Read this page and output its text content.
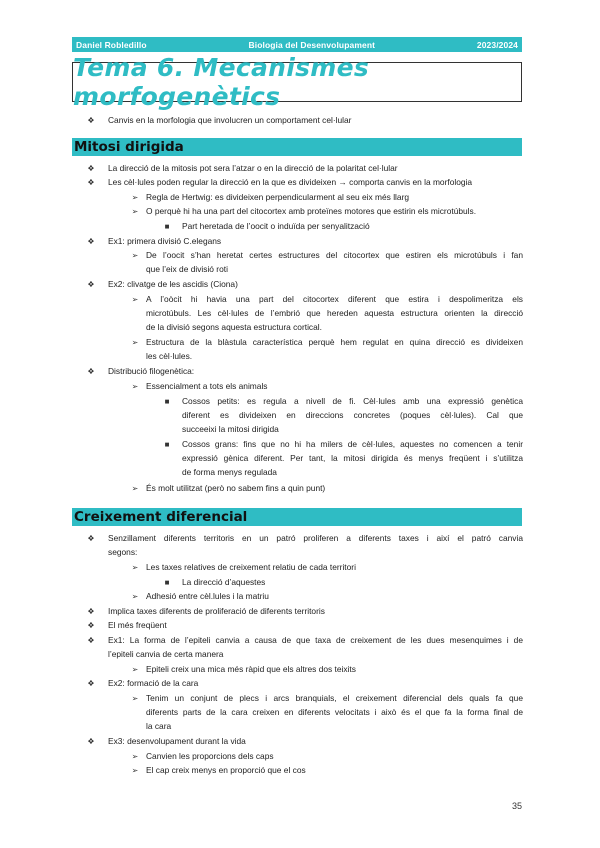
Daniel Robledillo	Biologia del Desenvolupament	2023/2024
Tema 6. Mecanismes morfogenètics
❖ Canvis en la morfologia que involucren un comportament cel·lular
Mitosi dirigida
❖ La direcció de la mitosis pot sera l’atzar o en la direcció de la polaritat cel·lular
❖ Les cèl·lules poden regular la direcció en la que es divideixen → comporta canvis en la morfologia
➢ Regla de Hertwig: es divideixen perpendicularment al seu eix més llarg
➢ O perquè hi ha una part del citocortex amb proteïnes motores que estirin els microtúbuls.
■	Part heretada de l’oocit o induïda per senyalització
❖ Ex1: primera divisió C.elegans
➢ De l’oocit s’han heretat certes estructures del citocortex que estiren els microtúbuls i fan
que l’eix de divisió roti
❖ Ex2: clivatge de les ascidis (Ciona)
➢ A l’oòcit hi havia una part del citocortex diferent que estira i despolimeritza els
microtúbuls. Les cèl·lules de l’embrió que hereden aquesta estructura orienten la direcció
de la divisió segons aquesta estructura cortical.
➢ Estructura de la blàstula característica perquè hem regulat en quina direcció es divideixen
les cèl·lules.
❖ Distribució filogenètica:
➢ Essencialment a tots els animals
■	Cossos petits: es regula a nivell de fi. Cèl·lules amb una expressió genètica
diferent es divideixen en direccions concretes (poques cèl·lules). Cal que
succeeixi la mitosi dirigida
■	Cossos grans: fins que no hi ha milers de cèl·lules, aquestes no comencen a tenir
expressió gènica diferent. Per tant, la mitosi dirigida és menys freqüent i s’utilitza
de forma menys regulada
➢ És molt utilitzat (però no sabem fins a quin punt)
Creixement diferencial
❖ Senzillament diferents territoris en un patró proliferen a diferents taxes i així el patró canvia
segons:
➢ Les taxes relatives de creixement relatiu de cada territori
■	La direcció d’aquestes
➢ Adhesió entre cèl.lules i la matriu
❖ Implica taxes diferents de proliferació de diferents territoris
❖ El més freqüent
❖ Ex1: La forma de l’epiteli canvia a causa de que taxa de creixement de les dues mesenquimes i de
l’epiteli canvia de certa manera
➢ Epiteli creix una mica més ràpid que els altres dos teixits
❖ Ex2: formació de la cara
➢ Tenim un conjunt de plecs i arcs branquials, el creixement diferencial dels quals fa que
diferents parts de la cara creixen en diferents velocitats i això és el que fa la forma final de
la cara
❖ Ex3: desenvolupament durant la vida
➢ Canvien les proporcions dels caps
➢ El cap creix menys en proporció que el cos
35
